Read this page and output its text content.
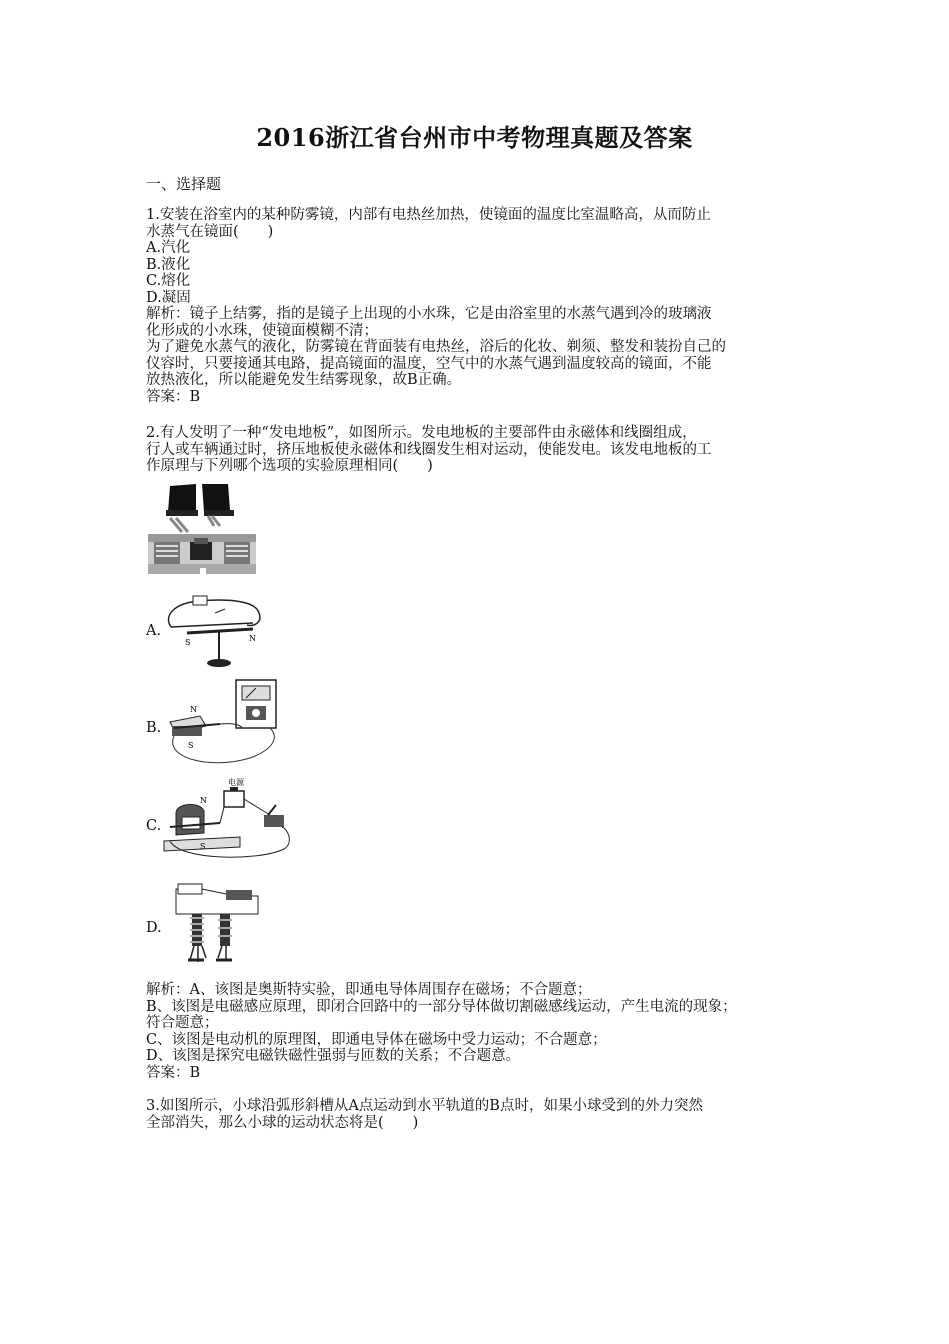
2016浙江省台州市中考物理真题及答案
一、选择题
1.安装在浴室内的某种防雾镜，内部有电热丝加热，使镜面的温度比室温略高，从而防止
水蒸气在镜面(　　)
A.汽化
B.液化
C.熔化
D.凝固
解析：镜子上结雾，指的是镜子上出现的小水珠，它是由浴室里的水蒸气遇到冷的玻璃液
化形成的小水珠，使镜面模糊不清；
为了避免水蒸气的液化，防雾镜在背面装有电热丝，浴后的化妆、剃须、整发和装扮自己的
仪容时，只要接通其电路，提高镜面的温度，空气中的水蒸气遇到温度较高的镜面，不能
放热液化，所以能避免发生结雾现象，故B正确。
答案：B
2.有人发明了一种“发电地板”，如图所示。发电地板的主要部件由永磁体和线圈组成，
行人或车辆通过时，挤压地板使永磁体和线圈发生相对运动，使能发电。该发电地板的工
作原理与下列哪个选项的实验原理相同(　　)
A.
S	N
B.
N
S
C.
电源
N
S
D.
解析：A、该图是奥斯特实验，即通电导体周围存在磁场；不合题意；
B、该图是电磁感应原理，即闭合回路中的一部分导体做切割磁感线运动，产生电流的现象；
符合题意；
C、该图是电动机的原理图，即通电导体在磁场中受力运动；不合题意；
D、该图是探究电磁铁磁性强弱与匝数的关系；不合题意。
答案：B
3.如图所示，小球沿弧形斜槽从A点运动到水平轨道的B点时，如果小球受到的外力突然
全部消失，那么小球的运动状态将是(　　)
